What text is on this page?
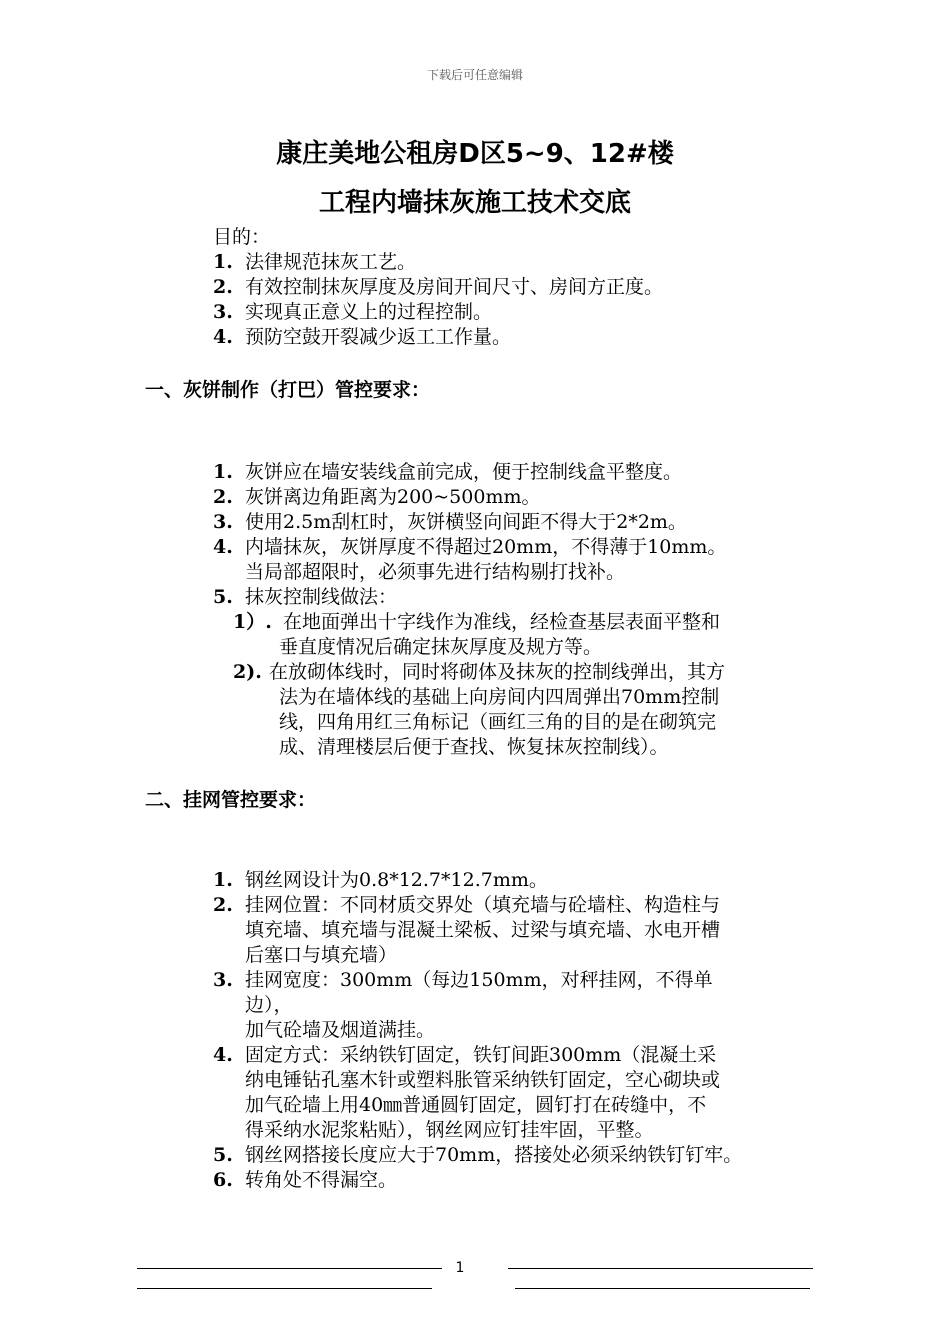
下载后可任意编辑
康庄美地公租房D区5~9、12#楼
工程内墙抹灰施工技术交底
目的：
1. 法律规范抹灰工艺。
2. 有效控制抹灰厚度及房间开间尺寸、房间方正度。
3. 实现真正意义上的过程控制。
4. 预防空鼓开裂减少返工工作量。
一、灰饼制作（打巴）管控要求：
1. 灰饼应在墙安装线盒前完成，便于控制线盒平整度。
2. 灰饼离边角距离为200~500mm。
3. 使用2.5m刮杠时，灰饼横竖向间距不得大于2*2m。
4. 内墙抹灰，灰饼厚度不得超过20mm，不得薄于10mm。
当局部超限时，必须事先进行结构剔打找补。
5. 抹灰控制线做法：
1）. 在地面弹出十字线作为准线，经检查基层表面平整和
垂直度情况后确定抹灰厚度及规方等。
2). 在放砌体线时，同时将砌体及抹灰的控制线弹出，其方
法为在墙体线的基础上向房间内四周弹出70mm控制
线，四角用红三角标记（画红三角的目的是在砌筑完
成、清理楼层后便于查找、恢复抹灰控制线）。
二、挂网管控要求：
1. 钢丝网设计为0.8*12.7*12.7mm。
2. 挂网位置：不同材质交界处（填充墙与砼墙柱、构造柱与
填充墙、填充墙与混凝土梁板、过梁与填充墙、水电开槽
后塞口与填充墙）
3. 挂网宽度：300mm（每边150mm，对秤挂网，不得单
边），
加气砼墙及烟道满挂。
4. 固定方式：采纳铁钉固定，铁钉间距300mm（混凝土采
纳电锤钻孔塞木针或塑料胀管采纳铁钉固定，空心砌块或
加气砼墙上用40㎜普通圆钉固定，圆钉打在砖缝中，不
得采纳水泥浆粘贴），钢丝网应钉挂牢固，平整。
5. 钢丝网搭接长度应大于70mm，搭接处必须采纳铁钉钉牢。
6. 转角处不得漏空。
1
